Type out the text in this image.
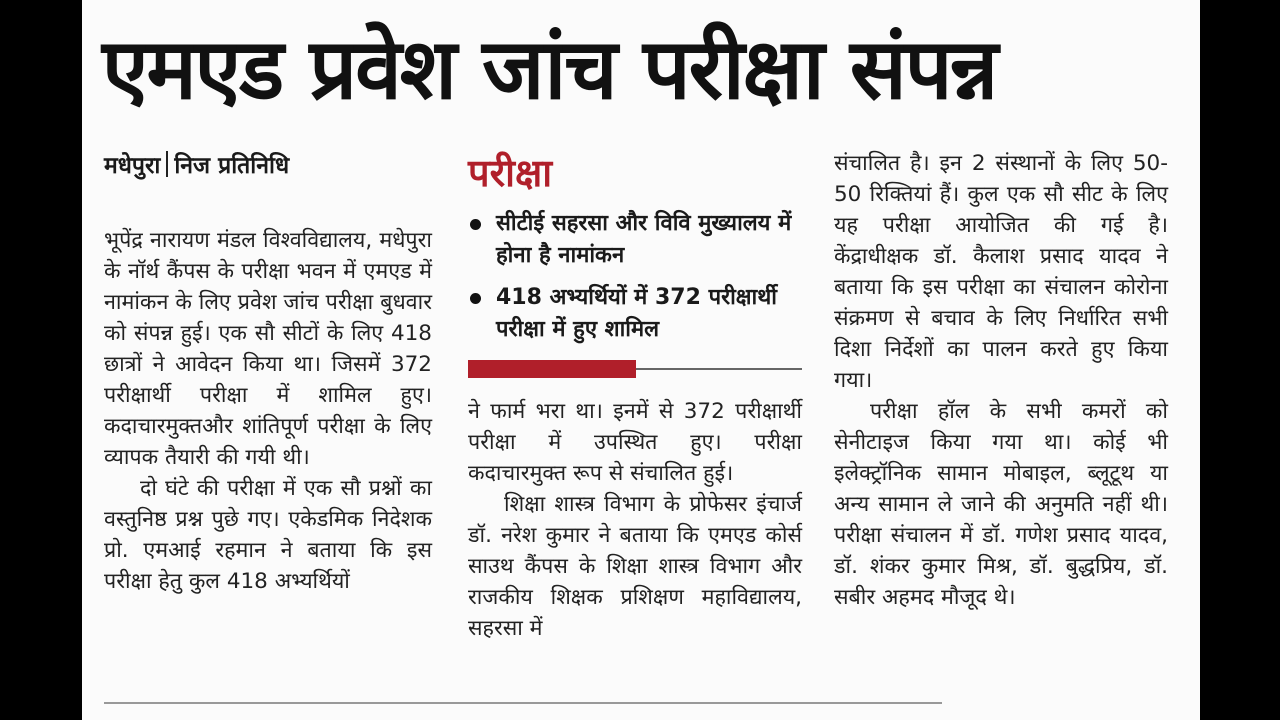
एमएड प्रवेश जांच परीक्षा संपन्न
मधेपुरा निज प्रतिनिधि

भूपेंद्र नारायण मंडल विश्वविद्यालय, मधेपुरा के नॉर्थ कैंपस के परीक्षा भवन में एमएड में नामांकन के लिए प्रवेश जांच परीक्षा बुधवार को संपन्न हुई। एक सौ सीटों के लिए 418 छात्रों ने आवेदन किया था। जिसमें 372 परीक्षार्थी परीक्षा में शामिल हुए। कदाचारमुक्तऔर शांतिपूर्ण परीक्षा के लिए व्यापक तैयारी की गयी थी।

दो घंटे की परीक्षा में एक सौ प्रश्नों का वस्तुनिष्ठ प्रश्न पुछे गए। एकेडमिक निदेशक प्रो. एमआई रहमान ने बताया कि इस परीक्षा हेतु कुल 418 अभ्यर्थियों

परीक्षा
सीटीई सहरसा और विवि मुख्यालय में होना है नामांकन
418 अभ्यर्थियों में 372 परीक्षार्थी परीक्षा में हुए शामिल

ने फार्म भरा था। इनमें से 372 परीक्षार्थी परीक्षा में उपस्थित हुए। परीक्षा कदाचारमुक्त रूप से संचालित हुई।

शिक्षा शास्त्र विभाग के प्रोफेसर इंचार्ज डॉ. नरेश कुमार ने बताया कि एमएड कोर्स साउथ कैंपस के शिक्षा शास्त्र विभाग और राजकीय शिक्षक प्रशिक्षण महाविद्यालय, सहरसा में

संचालित है। इन 2 संस्थानों के लिए 50-50 रिक्तियां हैं। कुल एक सौ सीट के लिए यह परीक्षा आयोजित की गई है। केंद्राधीक्षक डॉ. कैलाश प्रसाद यादव ने बताया कि इस परीक्षा का संचालन कोरोना संक्रमण से बचाव के लिए निर्धारित सभी दिशा निर्देशों का पालन करते हुए किया गया।

परीक्षा हॉल के सभी कमरों को सेनीटाइज किया गया था। कोई भी इलेक्ट्रॉनिक सामान मोबाइल, ब्लूटूथ या अन्य सामान ले जाने की अनुमति नहीं थी। परीक्षा संचालन में डॉ. गणेश प्रसाद यादव, डॉ. शंकर कुमार मिश्र, डॉ. बुद्धप्रिय, डॉ. सबीर अहमद मौजूद थे।
